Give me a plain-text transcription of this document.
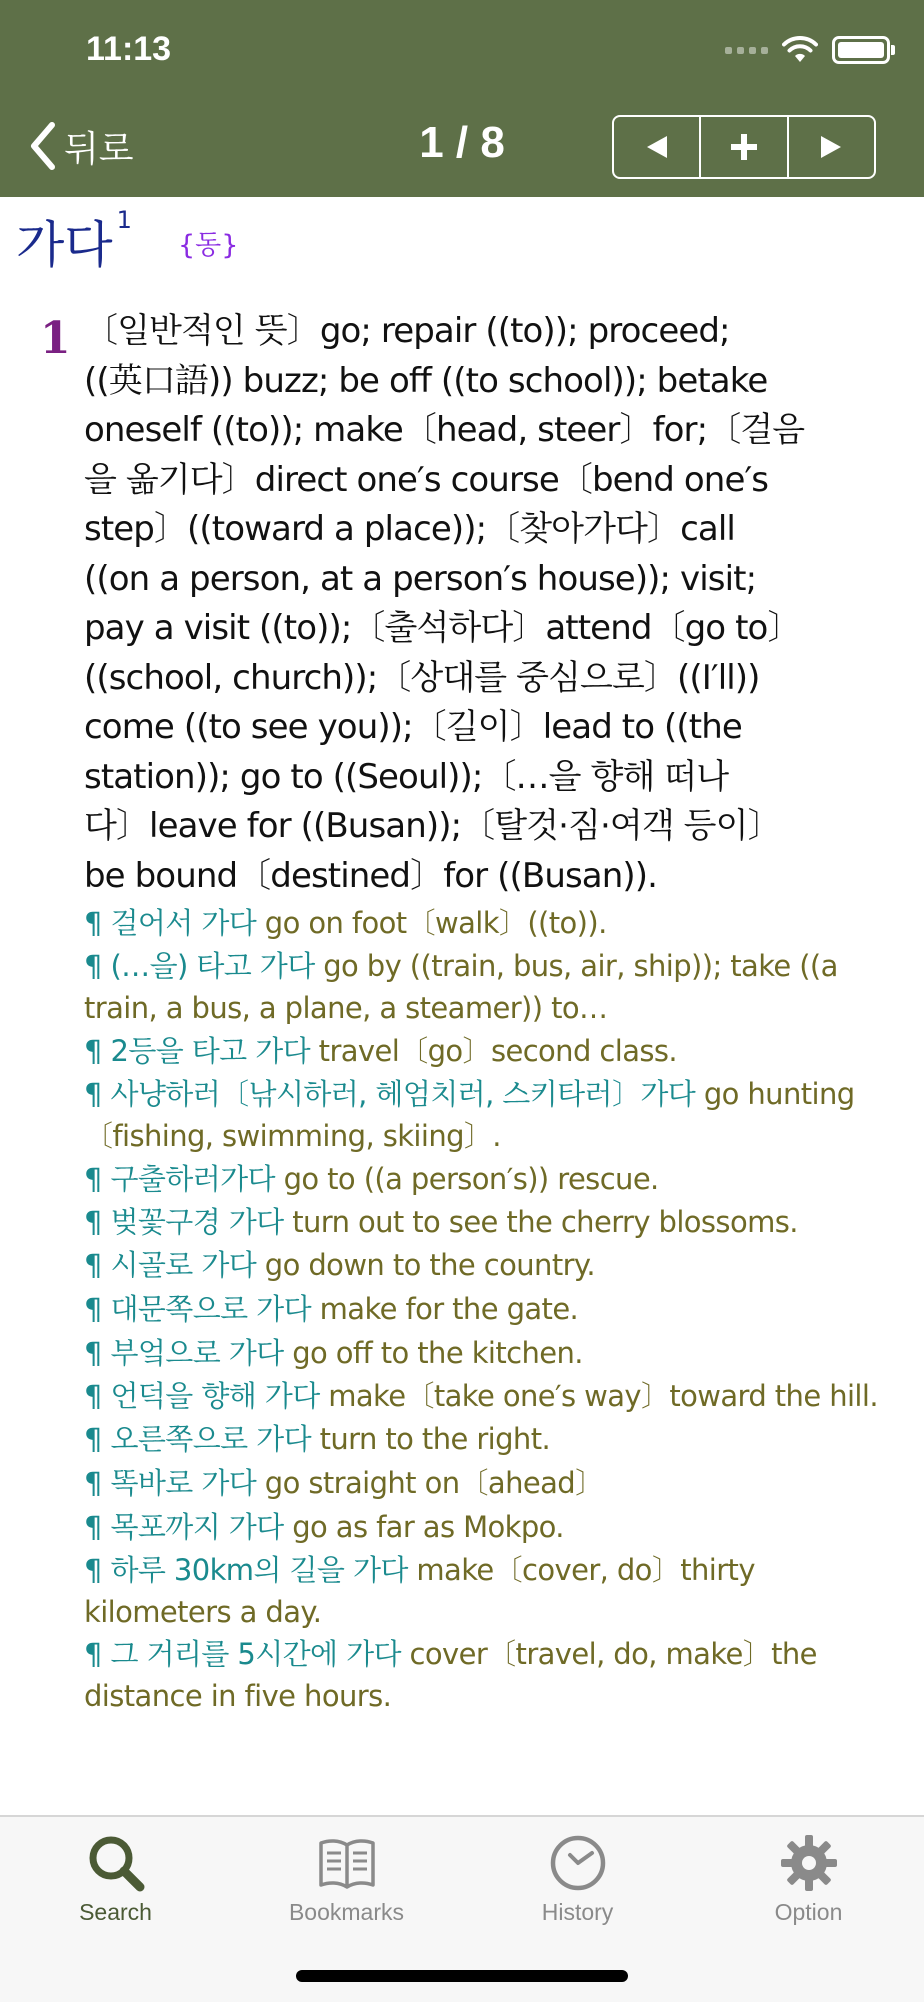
11:13
뒤로	1 / 8
가다 $^1$
{동}
1 〔일반적인 뜻〕go; repair ((to)); proceed;
((英口語)) buzz; be off ((to school)); betake
oneself ((to)); make〔head, steer〕for;〔걸음
을 옮기다〕direct one′s course〔bend one′s
step〕((toward a place));〔찾아가다〕call
((on a person, at a person′s house)); visit;
pay a visit ((to));〔출석하다〕attend〔go to〕
((school, church));〔상대를 중심으로〕((I′ll))
come ((to see you));〔길이〕lead to ((the
station)); go to ((Seoul));〔…을 향해 떠나
다〕leave for ((Busan));〔탈것·짐·여객 등이〕
be bound〔destined〕for ((Busan)).

¶ 걸어서 가다 go on foot〔walk〕((to)).

¶ (…을) 타고 가다 go by ((train, bus, air, ship)); take ((a train, a bus, a plane, a steamer)) to…

¶ 2등을 타고 가다 travel〔go〕second class.

¶ 사냥하러〔낚시하러, 헤엄치러, 스키타러〕가다 go hunting〔fishing, swimming, skiing〕.

¶ 구출하러가다 go to ((a person′s)) rescue.

¶ 벚꽃구경 가다 turn out to see the cherry blossoms.

¶ 시골로 가다 go down to the country.

¶ 대문쪽으로 가다 make for the gate.

¶ 부엌으로 가다 go off to the kitchen.

¶ 언덕을 향해 가다 make〔take one′s way〕toward the hill.

¶ 오른쪽으로 가다 turn to the right.

¶ 똑바로 가다 go straight on〔ahead〕

¶ 목포까지 가다 go as far as Mokpo.

¶ 하루 30km의 길을 가다 make〔cover, do〕thirty kilometers a day.

¶ 그 거리를 5시간에 가다 cover〔travel, do, make〕the distance in five hours.

Search	Bookmarks	History	Option
